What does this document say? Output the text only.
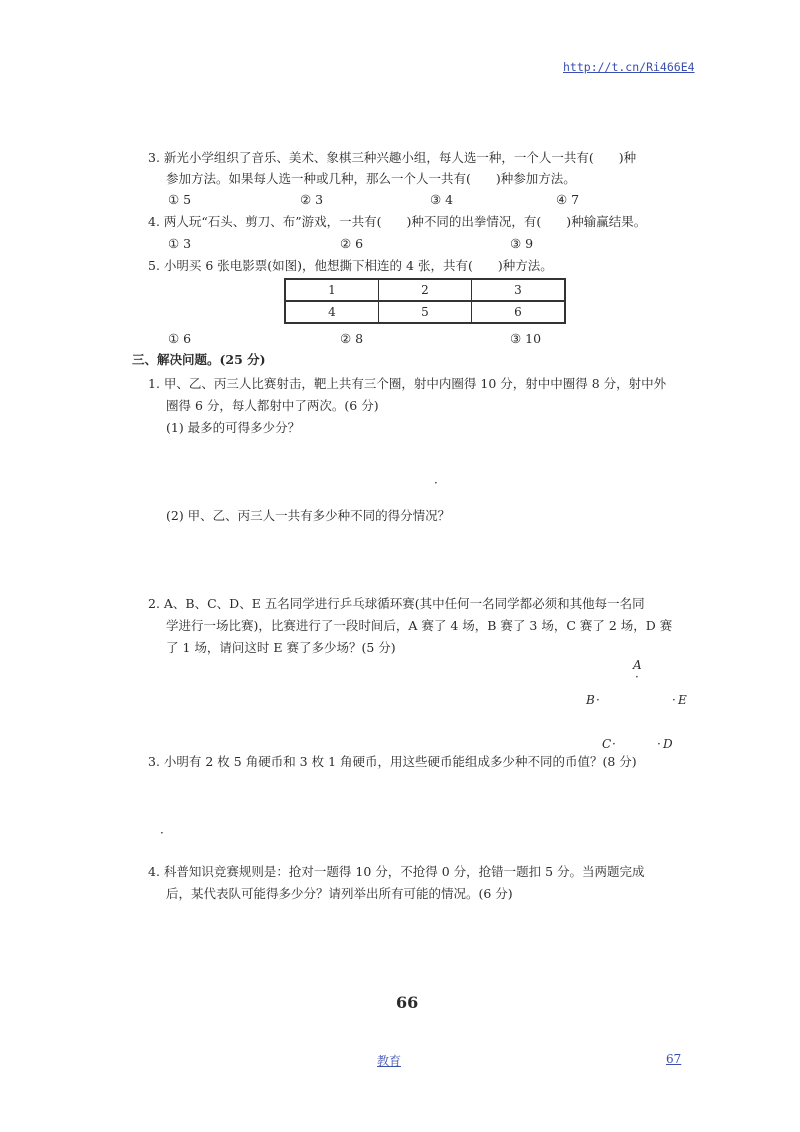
http://t.cn/Ri466E4
3. 新光小学组织了音乐、美术、象棋三种兴趣小组，每人选一种，一个人一共有(　　)种
参加方法。如果每人选一种或几种，那么一个人一共有(　　)种参加方法。
① 5	② 3	③ 4	④ 7
4. 两人玩“石头、剪刀、布”游戏，一共有(　　)种不同的出拳情况，有(　　)种输赢结果。
① 3	② 6	③ 9
5. 小明买 6 张电影票(如图)，他想撕下相连的 4 张，共有(　　)种方法。
1	2	3
4	5	6
① 6	② 8	③ 10
三、解决问题。(25 分)
1. 甲、乙、丙三人比赛射击，靶上共有三个圈，射中内圈得 10 分，射中中圈得 8 分，射中外
圈得 6 分，每人都射中了两次。(6 分)
(1) 最多的可得多少分？
(2) 甲、乙、丙三人一共有多少种不同的得分情况？
2. A、B、C、D、E 五名同学进行乒乓球循环赛(其中任何一名同学都必须和其他每一名同
学进行一场比赛)，比赛进行了一段时间后，A 赛了 4 场，B 赛了 3 场，C 赛了 2 场，D 赛
了 1 场，请问这时 E 赛了多少场？(5 分)
A
·
B ·	· E
C ·	· D
3. 小明有 2 枚 5 角硬币和 3 枚 1 角硬币，用这些硬币能组成多少种不同的币值？(8 分)
4. 科普知识竞赛规则是：抢对一题得 10 分，不抢得 0 分，抢错一题扣 5 分。当两题完成
后，某代表队可能得多少分？请列举出所有可能的情况。(6 分)
·
·
66
教育	67
